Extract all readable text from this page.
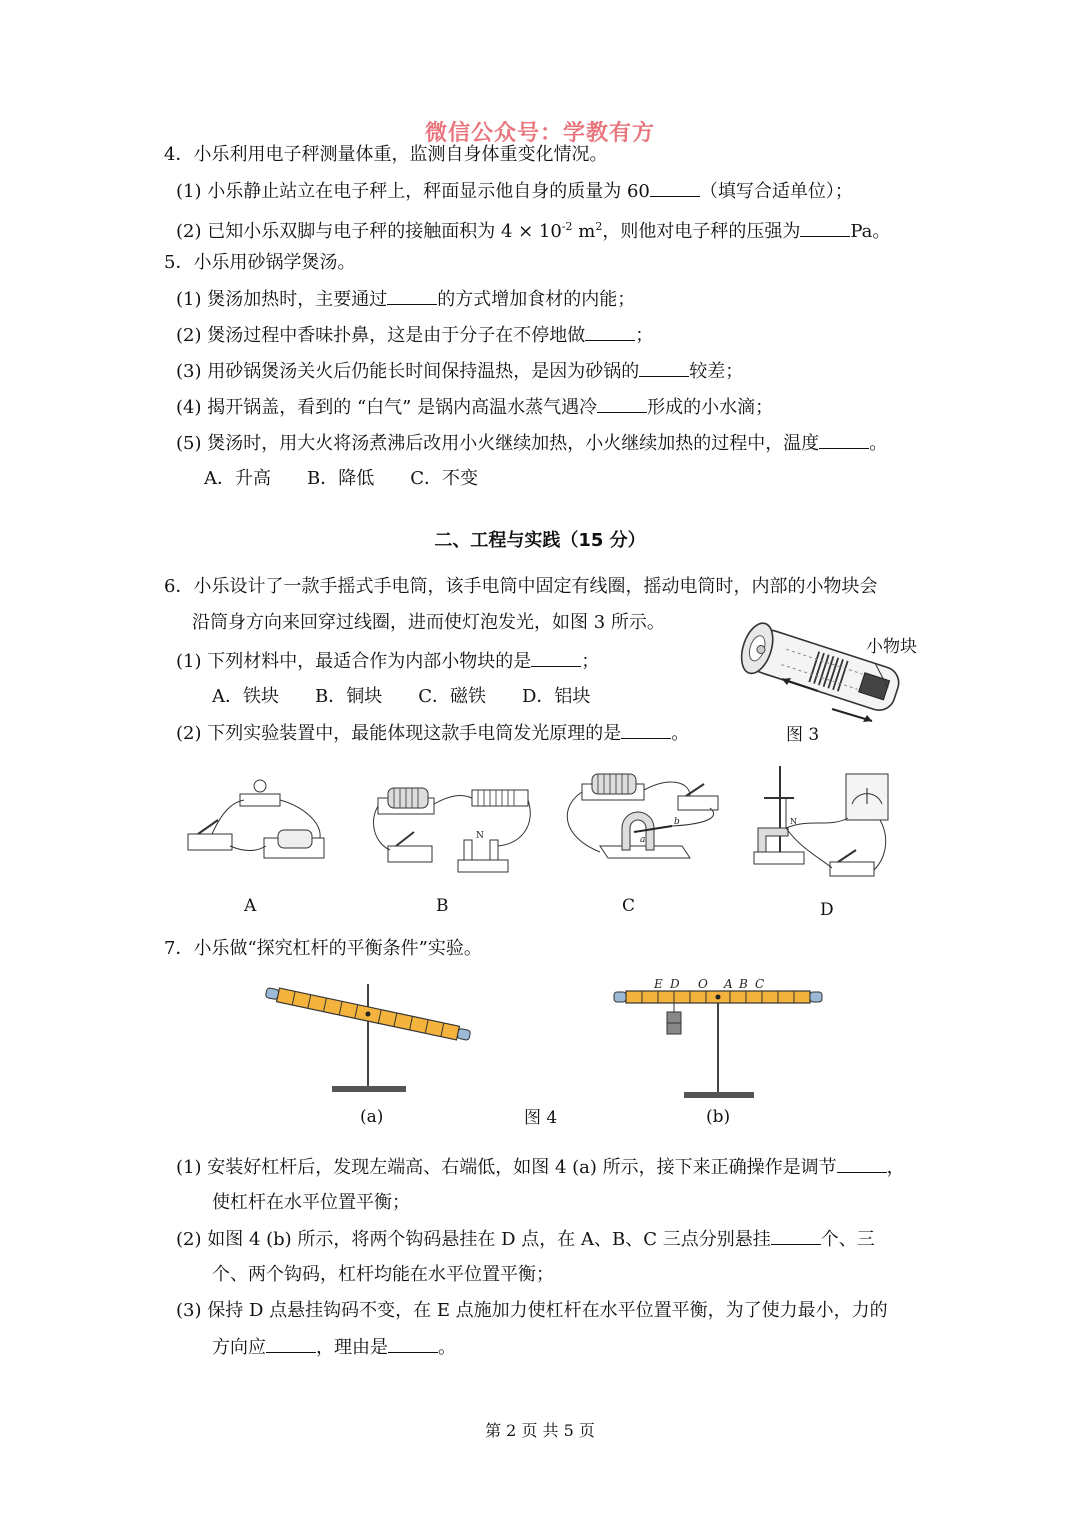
微信公众号：学教有方
4．小乐利用电子秤测量体重，监测自身体重变化情况。
(1) 小乐静止站立在电子秤上，秤面显示他自身的质量为 60	（填写合适单位）；
(2) 已知小乐双脚与电子秤的接触面积为 $4 \times 10^{-2}$ $m^2$，则他对电子秤的压强为	Pa。
5．小乐用砂锅学煲汤。
(1) 煲汤加热时，主要通过	的方式增加食材的内能；
(2) 煲汤过程中香味扑鼻，这是由于分子在不停地做	；
(3) 用砂锅煲汤关火后仍能长时间保持温热，是因为砂锅的	较差；
(4) 揭开锅盖，看到的 “白气” 是锅内高温水蒸气遇冷	形成的小水滴；
(5) 煲汤时，用大火将汤煮沸后改用小火继续加热，小火继续加热的过程中，温度	。
A．升高　　B．降低　　C．不变
二、工程与实践（15 分）
6．小乐设计了一款手摇式手电筒，该手电筒中固定有线圈，摇动电筒时，内部的小物块会
沿筒身方向来回穿过线圈，进而使灯泡发光，如图 3 所示。
(1) 下列材料中，最适合作为内部小物块的是	；
A．铁块　　B．铜块　　C．磁铁　　D．铝块
(2) 下列实验装置中，最能体现这款手电筒发光原理的是	。
小物块
图 3
N
b
a
N
A	B	C	D
7．小乐做“探究杠杆的平衡条件”实验。
E D O A B C
(a)	图 4	(b)
(1) 安装好杠杆后，发现左端高、右端低，如图 4 (a) 所示，接下来正确操作是调节	，
使杠杆在水平位置平衡；
(2) 如图 4 (b) 所示，将两个钩码悬挂在 D 点，在 A、B、C 三点分别悬挂	个、三
个、两个钩码，杠杆均能在水平位置平衡；
(3) 保持 D 点悬挂钩码不变，在 E 点施加力使杠杆在水平位置平衡，为了使力最小，力的
方向应	，理由是	。
第 2 页 共 5 页
